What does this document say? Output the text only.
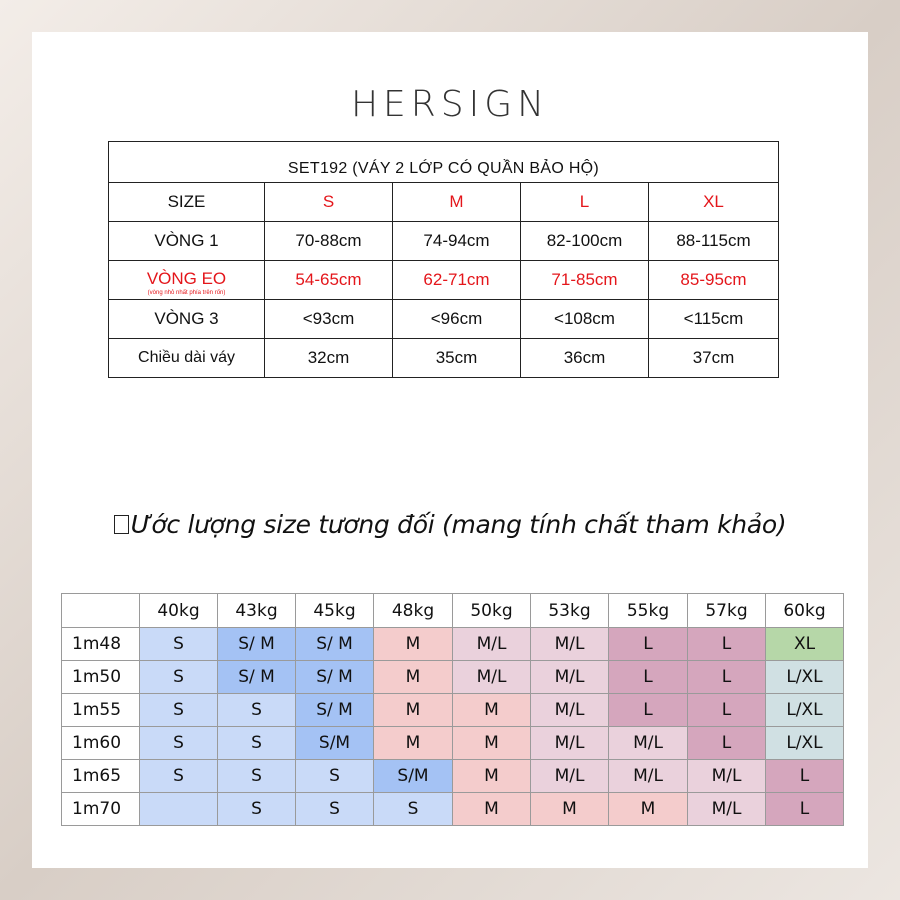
HERSIGN
SET192 (VÁY 2 LỚP CÓ QUẦN BẢO HỘ)				
SIZE	S	M	L	XL
VÒNG 1	70-88cm	74-94cm	82-100cm	88-115cm
VÒNG EO
(vòng nhỏ nhất phía trên rốn)	54-65cm	62-71cm	71-85cm	85-95cm
VÒNG 3	<93cm	<96cm	<108cm	<115cm
Chiều dài váy	32cm	35cm	36cm	37cm
Ước lượng size tương đối (mang tính chất tham khảo)
	40kg	43kg	45kg	48kg	50kg	53kg	55kg	57kg	60kg
1m48	S	S/ M	S/ M	M	M/L	M/L	L	L	XL
1m50	S	S/ M	S/ M	M	M/L	M/L	L	L	L/XL
1m55	S	S	S/ M	M	M	M/L	L	L	L/XL
1m60	S	S	S/M	M	M	M/L	M/L	L	L/XL
1m65	S	S	S	S/M	M	M/L	M/L	M/L	L
1m70		S	S	S	M	M	M	M/L	L
